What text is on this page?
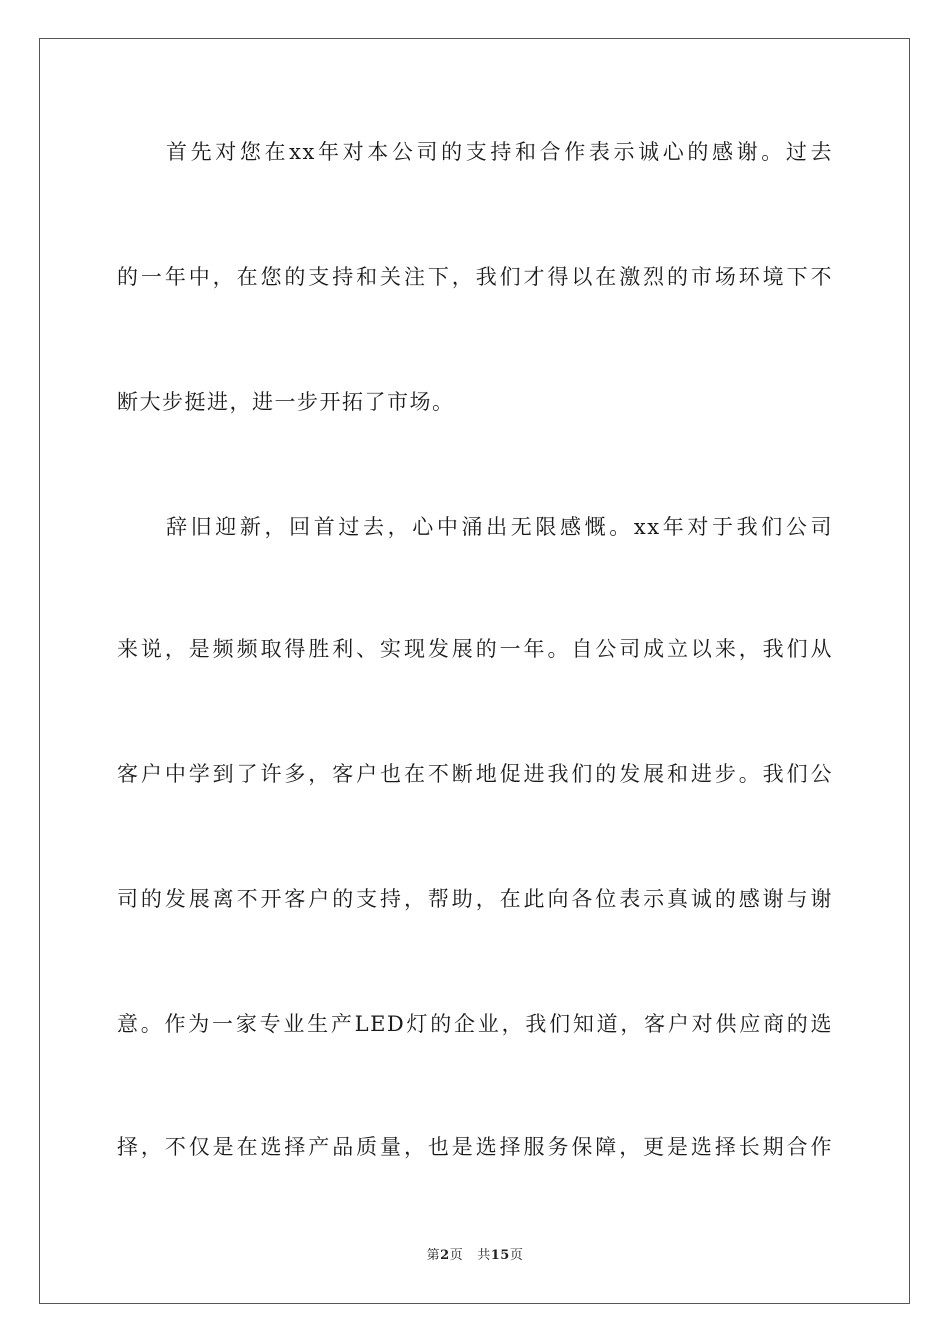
首先对您在xx年对本公司的支持和合作表示诚心的感谢。过去
的一年中，在您的支持和关注下，我们才得以在激烈的市场环境下不
断大步挺进，进一步开拓了市场。
辞旧迎新，回首过去，心中涌出无限感慨。xx年对于我们公司
来说，是频频取得胜利、实现发展的一年。自公司成立以来，我们从
客户中学到了许多，客户也在不断地促进我们的发展和进步。我们公
司的发展离不开客户的支持，帮助，在此向各位表示真诚的感谢与谢
意。作为一家专业生产LED灯的企业，我们知道，客户对供应商的选
择，不仅是在选择产品质量，也是选择服务保障，更是选择长期合作
第2页 共15页
